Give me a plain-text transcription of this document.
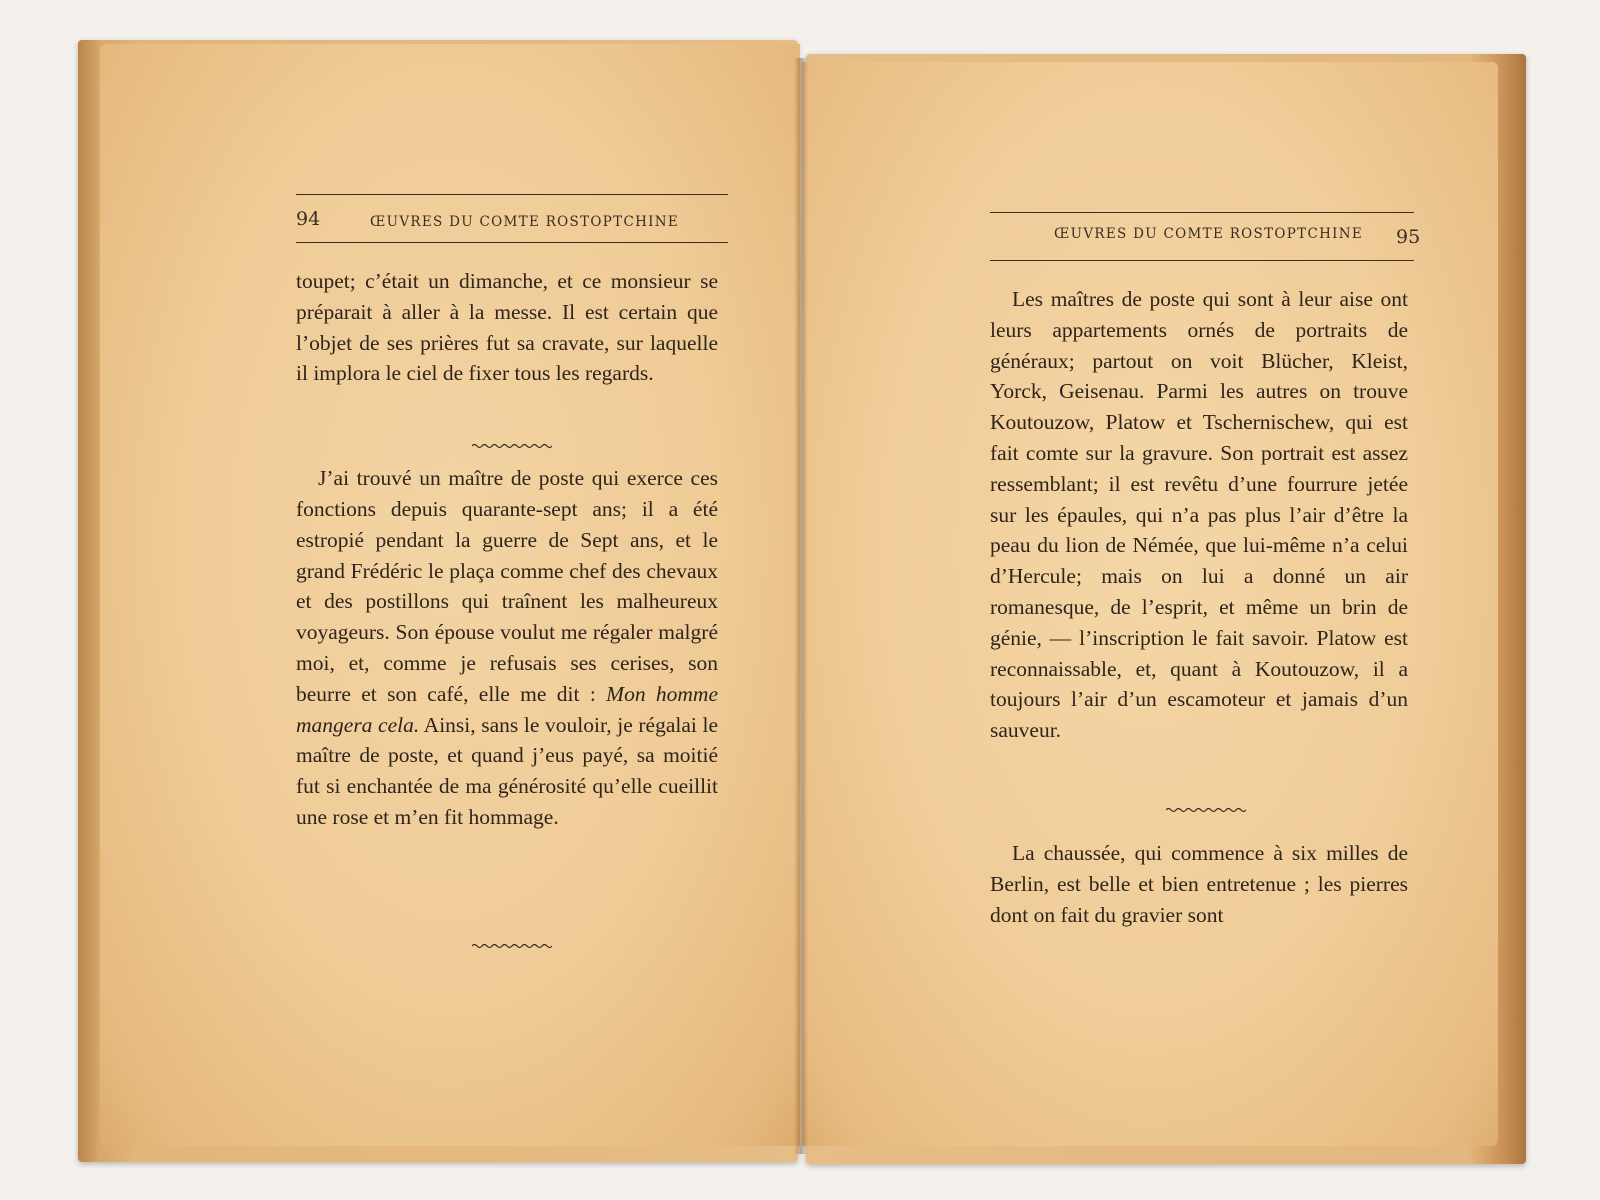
94	ŒUVRES DU COMTE ROSTOPTCHINE

toupet; c’était un dimanche, et ce monsieur se préparait à aller à la messe. Il est certain que l’objet de ses prières fut sa cravate, sur laquelle il implora le ciel de fixer tous les regards.

J’ai trouvé un maître de poste qui exerce ces fonctions depuis quarante-sept ans; il a été estropié pendant la guerre de Sept ans, et le grand Frédéric le plaça comme chef des chevaux et des postillons qui traînent les malheureux voyageurs. Son épouse voulut me régaler malgré moi, et, comme je refusais ses cerises, son beurre et son café, elle me dit : Mon homme mangera cela. Ainsi, sans le vouloir, je régalai le maître de poste, et quand j’eus payé, sa moitié fut si enchantée de ma générosité qu’elle cueillit une rose et m’en fit hommage.

ŒUVRES DU COMTE ROSTOPTCHINE 95

Les maîtres de poste qui sont à leur aise ont leurs appartements ornés de portraits de généraux; partout on voit Blücher, Kleist, Yorck, Geisenau. Parmi les autres on trouve Koutouzow, Platow et Tschernischew, qui est fait comte sur la gravure. Son portrait est assez ressemblant; il est revêtu d’une fourrure jetée sur les épaules, qui n’a pas plus l’air d’être la peau du lion de Némée, que lui-même n’a celui d’Hercule; mais on lui a donné un air romanesque, de l’esprit, et même un brin de génie, — l’inscription le fait savoir. Platow est reconnaissable, et, quant à Koutouzow, il a toujours l’air d’un escamoteur et jamais d’un sauveur.

La chaussée, qui commence à six milles de Berlin, est belle et bien entretenue ; les pierres dont on fait du gravier sont
